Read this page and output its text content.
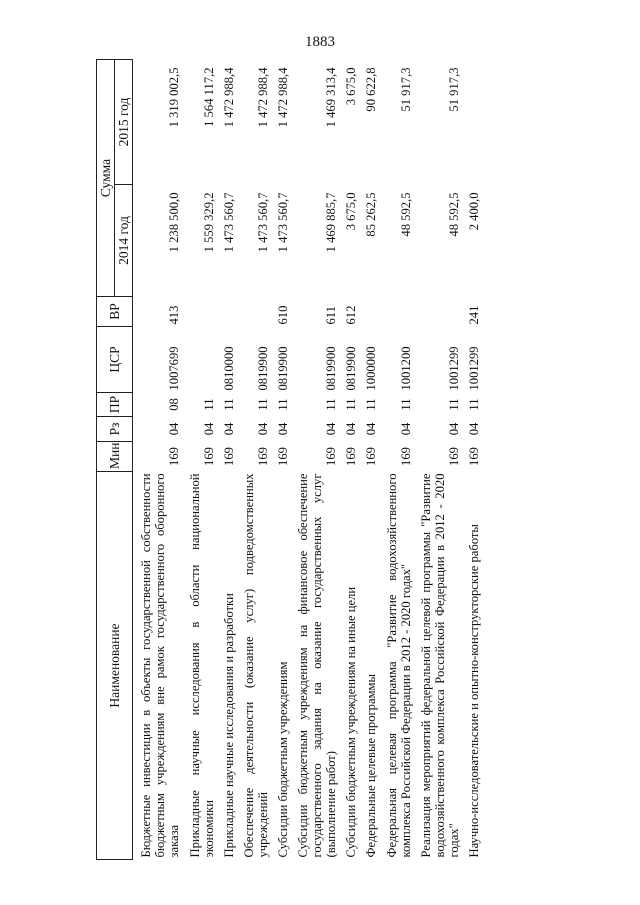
1883
Наименование	Мин	Рз	ПР	ЦСР	ВР	Сумма	
						2014 год	2015 год
Бюджетные инвестиции в объекты государственной собственности бюджетным учреждениям вне рамок государственного оборонного заказа	169	04	08	1007699	413	1 238 500,0	1 319 002,5
Прикладные научные исследования в области национальной экономики	169	04	11			1 559 329,2	1 564 117,2
Прикладные научные исследования и разработки	169	04	11	0810000		1 473 560,7	1 472 988,4
Обеспечение деятельности (оказание услуг) подведомственных учреждений	169	04	11	0819900		1 473 560,7	1 472 988,4
Субсидии бюджетным учреждениям	169	04	11	0819900	610	1 473 560,7	1 472 988,4
Субсидии бюджетным учреждениям на финансовое обеспечение государственного задания на оказание государственных услуг (выполнение работ)	169	04	11	0819900	611	1 469 885,7	1 469 313,4
Субсидии бюджетным учреждениям на иные цели	169	04	11	0819900	612	3 675,0	3 675,0
Федеральные целевые программы	169	04	11	1000000		85 262,5	90 622,8
Федеральная целевая программа "Развитие водохозяйственного комплекса Российской Федерации в 2012 - 2020 годах"	169	04	11	1001200		48 592,5	51 917,3
Реализация мероприятий федеральной целевой программы "Развитие водохозяйственного комплекса Российской Федерации в 2012 - 2020 годах"	169	04	11	1001299		48 592,5	51 917,3
Научно-исследовательские и опытно-конструкторские работы	169	04	11	1001299	241	2 400,0	
